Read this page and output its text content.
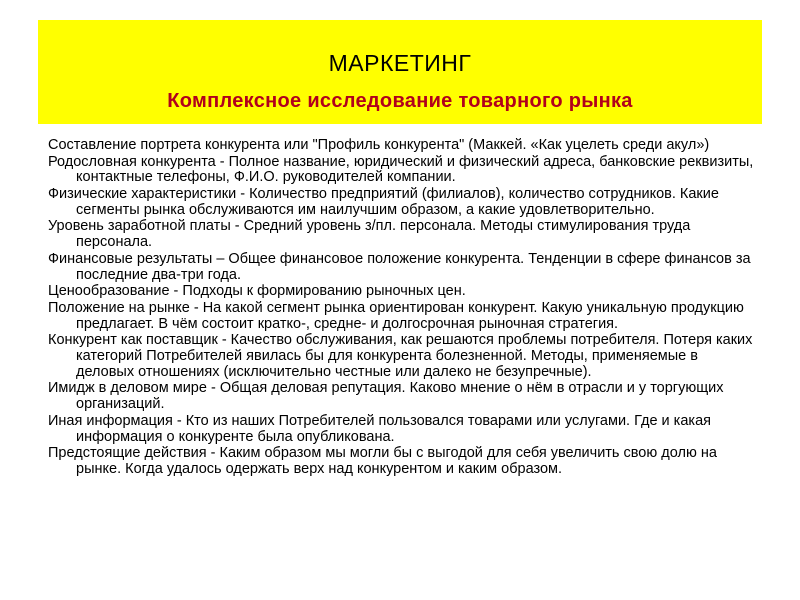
МАРКЕТИНГ
Комплексное исследование товарного рынка
Составление портрета конкурента или "Профиль конкурента" (Маккей. «Как уцелеть среди акул»)
Родословная конкурента - Полное название, юридический и физический адреса, банковские реквизиты, контактные телефоны, Ф.И.О. руководителей компании.
Физические характеристики - Количество предприятий (филиалов), количество сотрудников. Какие сегменты рынка обслуживаются им наилучшим образом, а какие удовлетворительно.
Уровень заработной платы - Средний уровень з/пл. персонала. Методы стимулирования труда персонала.
Финансовые результаты – Общее финансовое положение конкурента. Тенденции в сфере финансов за последние два-три года.
Ценообразование - Подходы к формированию рыночных цен.
Положение на рынке - На какой сегмент рынка ориентирован конкурент. Какую уникальную продукцию предлагает. В чём состоит кратко-, средне- и долгосрочная рыночная стратегия.
Конкурент как поставщик - Качество обслуживания, как решаются проблемы потребителя. Потеря каких категорий Потребителей явилась бы для конкурента болезненной. Методы, применяемые в деловых отношениях (исключительно честные или далеко не безупречные).
Имидж в деловом мире - Общая деловая репутация. Каково мнение о нём в отрасли и у торгующих организаций.
Иная информация - Кто из наших Потребителей пользовался товарами или услугами. Где и какая информация о конкуренте была опубликована.
Предстоящие действия - Каким образом мы могли бы с выгодой для себя увеличить свою долю на рынке. Когда удалось одержать верх над конкурентом и каким образом.
